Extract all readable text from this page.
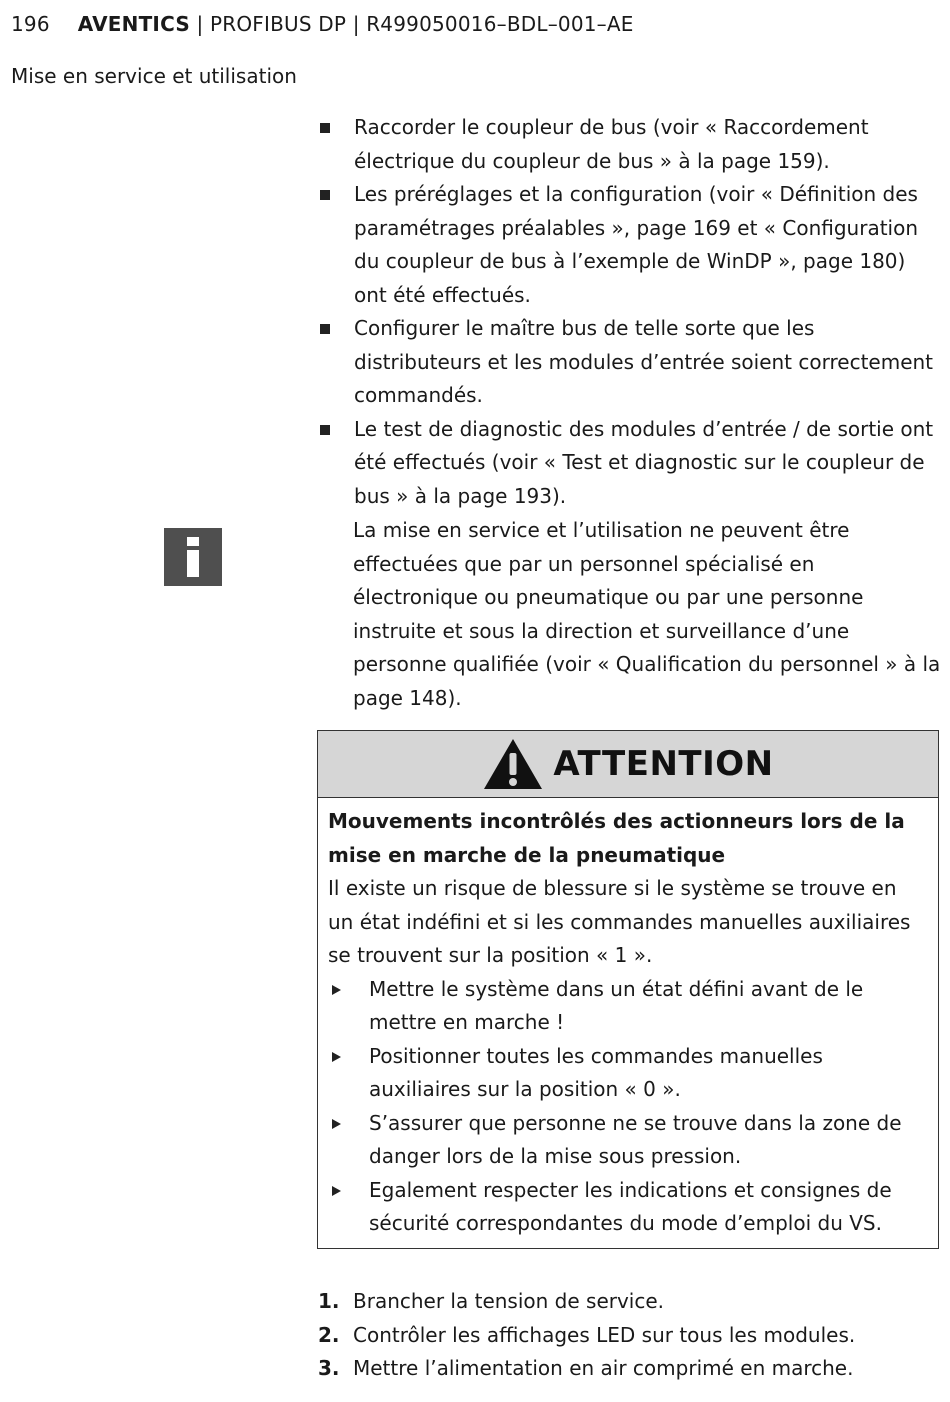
196 AVENTICS | PROFIBUS DP | R499050016–BDL–001–AE
Mise en service et utilisation
Raccorder le coupleur de bus (voir « Raccordement électrique du coupleur de bus » à la page 159).
Les préréglages et la configuration (voir « Définition des paramétrages préalables », page 169 et « Configuration du coupleur de bus à l’exemple de WinDP », page 180) ont été effectués.
Configurer le maître bus de telle sorte que les distributeurs et les modules d’entrée soient correctement commandés.
Le test de diagnostic des modules d’entrée / de sortie ont été effectués (voir « Test et diagnostic sur le coupleur de bus » à la page 193).
La mise en service et l’utilisation ne peuvent être effectuées que par un personnel spécialisé en électronique ou pneumatique ou par une personne instruite et sous la direction et surveillance d’une personne qualifiée (voir « Qualification du personnel » à la page 148).
ATTENTION
Mouvements incontrôlés des actionneurs lors de la mise en marche de la pneumatique
Il existe un risque de blessure si le système se trouve en un état indéfini et si les commandes manuelles auxiliaires se trouvent sur la position « 1 ».
Mettre le système dans un état défini avant de le mettre en marche !
Positionner toutes les commandes manuelles auxiliaires sur la position « 0 ».
S’assurer que personne ne se trouve dans la zone de danger lors de la mise sous pression.
Egalement respecter les indications et consignes de sécurité correspondantes du mode d’emploi du VS.
1. Brancher la tension de service.
2. Contrôler les affichages LED sur tous les modules.
3. Mettre l’alimentation en air comprimé en marche.
